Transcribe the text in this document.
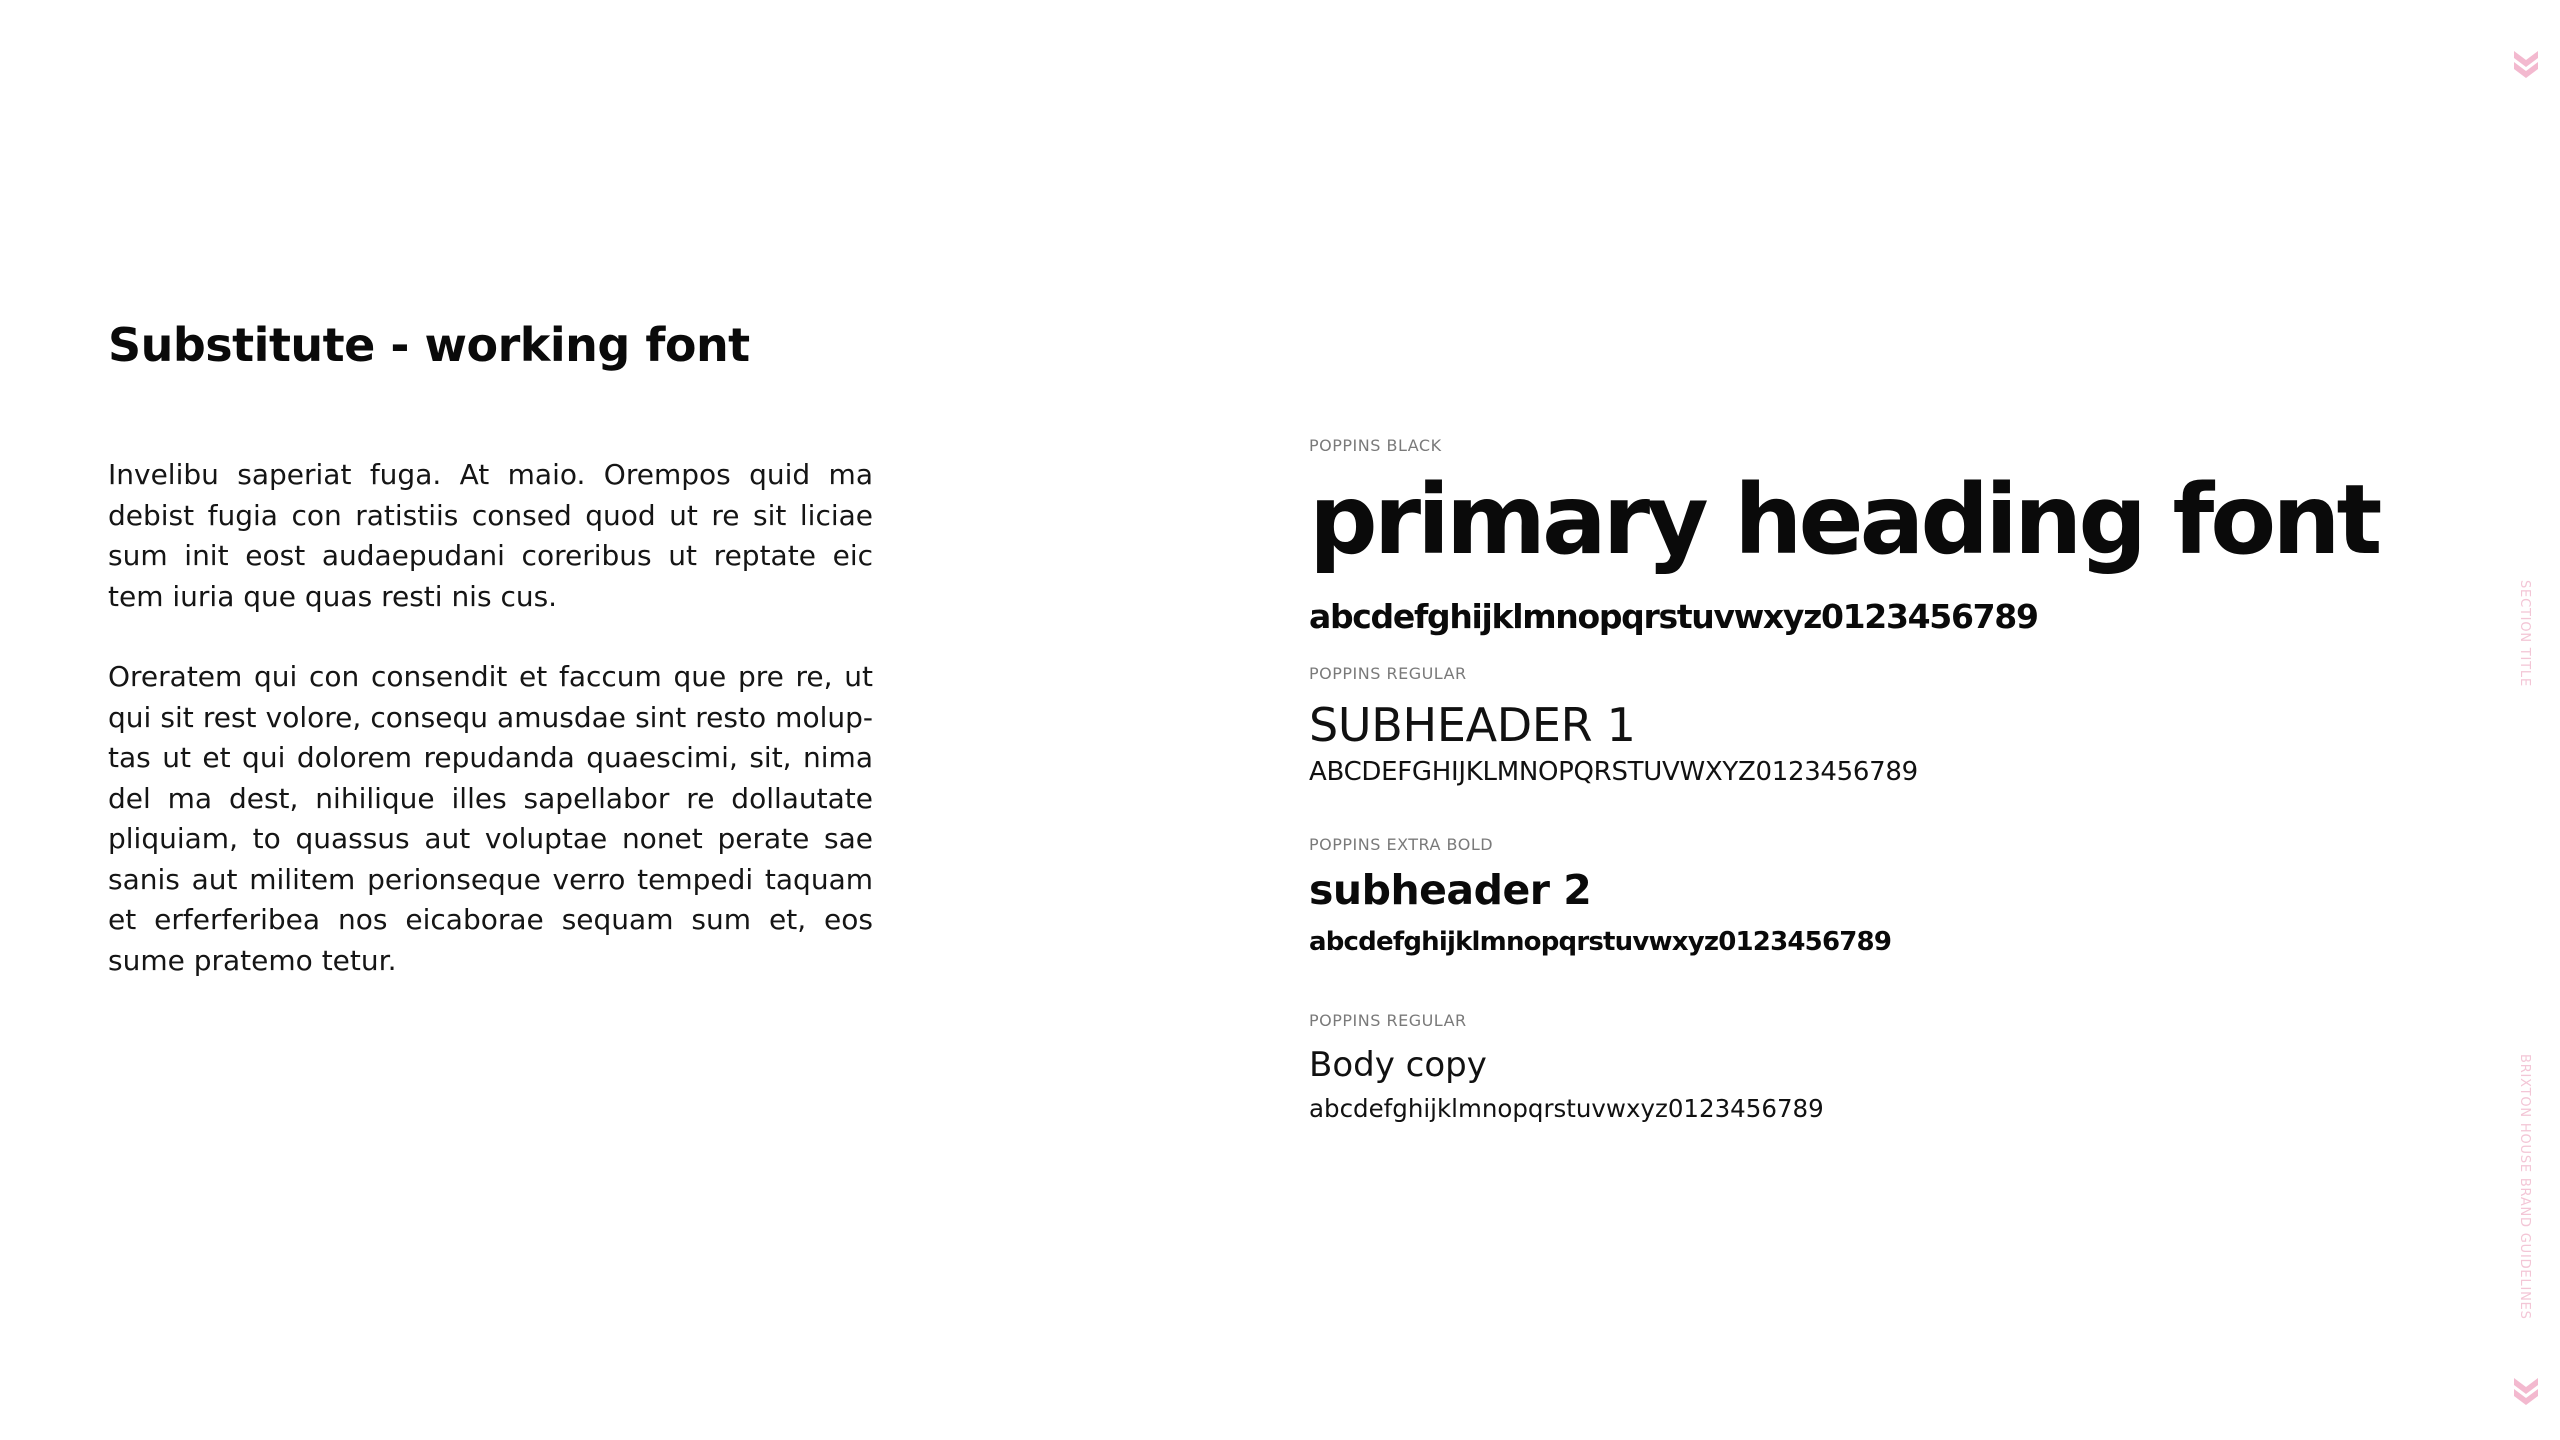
Substitute - working font

Invelibu saperiat fuga. At maio. Orempos quid ma debist fugia con ratistiis consed quod ut re sit liciae sum init eost audaepudani coreribus ut reptate eic tem iuria que quas resti nis cus.

Oreratem qui con consendit et faccum que pre re, ut qui sit rest volore, consequ amusdae sint resto molup-tas ut et qui dolorem repudanda quaescimi, sit, nima del ma dest, nihilique illes sapellabor re dollautate pliquiam, to quassus aut voluptae nonet perate sae sanis aut militem perionseque verro tempedi taquam et erferferibea nos eicaborae sequam sum et, eos sume pratemo tetur.

POPPINS BLACK
primary heading font
abcdefghijklmnopqrstuvwxyz0123456789
POPPINS REGULAR
SUBHEADER 1
ABCDEFGHIJKLMNOPQRSTUVWXYZ0123456789
POPPINS EXTRA BOLD
subheader 2
abcdefghijklmnopqrstuvwxyz0123456789
POPPINS REGULAR
Body copy
abcdefghijklmnopqrstuvwxyz0123456789
SECTION TITLE
BRIXTON HOUSE BRAND GUIDELINES
